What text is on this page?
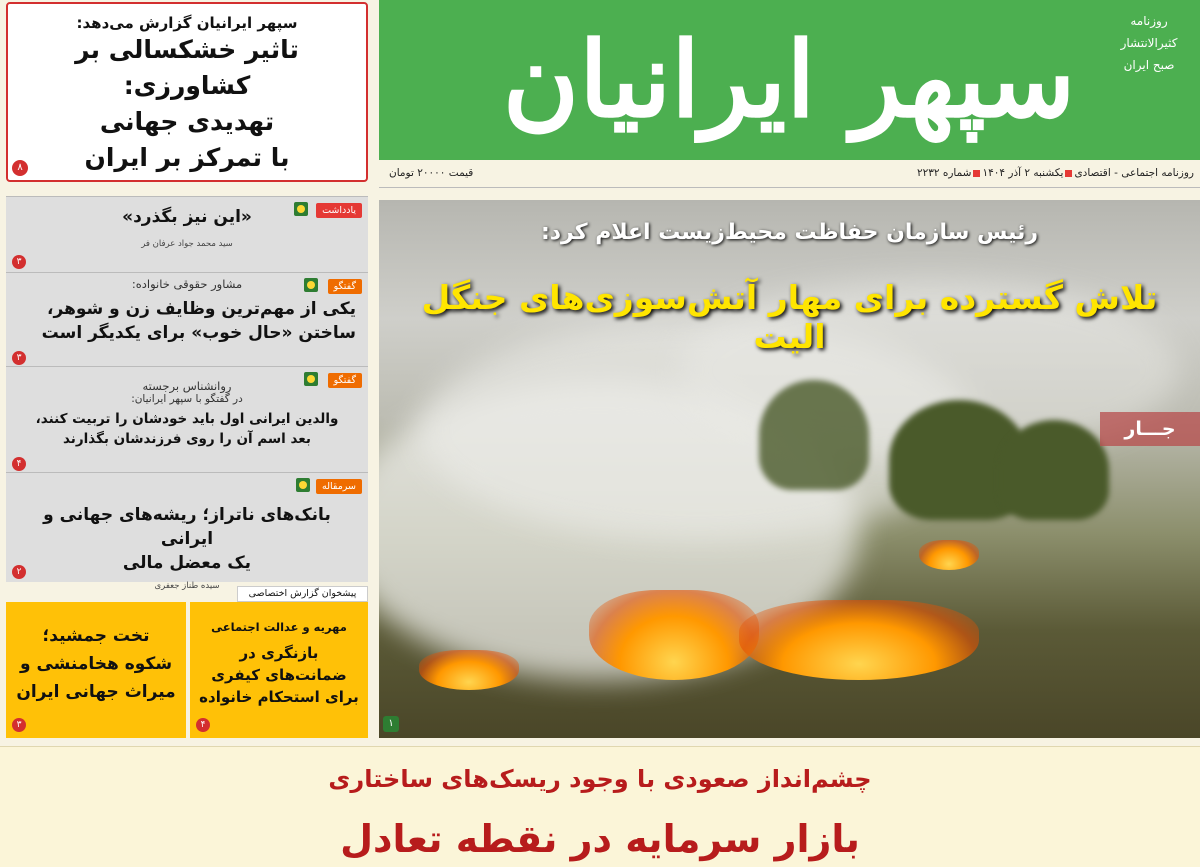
سپهر ایرانیان	روزنامه
کثیرالانتشار
صبح ایران
روزنامه اجتماعی - اقتصادییکشنبه ۲ آذر ۱۴۰۴شماره ۲۲۳۲
قیمت ۲۰۰۰۰ تومان
سپهر ایرانیان گزارش می‌دهد:
تاثیر خشکسالی بر کشاورزی:
تهدیدی جهانی
با تمرکز بر ایران
۸
یادداشت
«این نیز بگذرد»
سید محمد جواد عرفان فر
۳
گفتگو
مشاور حقوقی خانواده:
یکی از مهم‌ترین وظایف زن و شوهر،
ساختن «حال خوب» برای یکدیگر است
۳
گفتگو
روانشناس برجسته
در گفتگو با سپهر ایرانیان:
والدین ایرانی اول باید خودشان را تربیت کنند،
بعد اسم آن را روی فرزندشان بگذارند
۴
سرمقاله
بانک‌های ناتراز؛ ریشه‌های جهانی و ایرانی
یک معضل مالی
سیده طناز جعفری
۲
پیشخوان گزارش اختصاصی
مهریه و عدالت اجتماعی
بازنگری در
ضمانت‌های کیفری
برای استحکام خانواده
۴
تخت جمشید؛
شکوه هخامنشی و
میراث جهانی ایران
۳
رئیس سازمان حفاظت محیط‌زیست اعلام کرد:
تلاش گسترده برای مهار آتش‌سوزی‌های جنگل الیت
جـــار
۱
چشم‌انداز صعودی با وجود ریسک‌های ساختاری
بازار سرمایه در نقطه تعادل
